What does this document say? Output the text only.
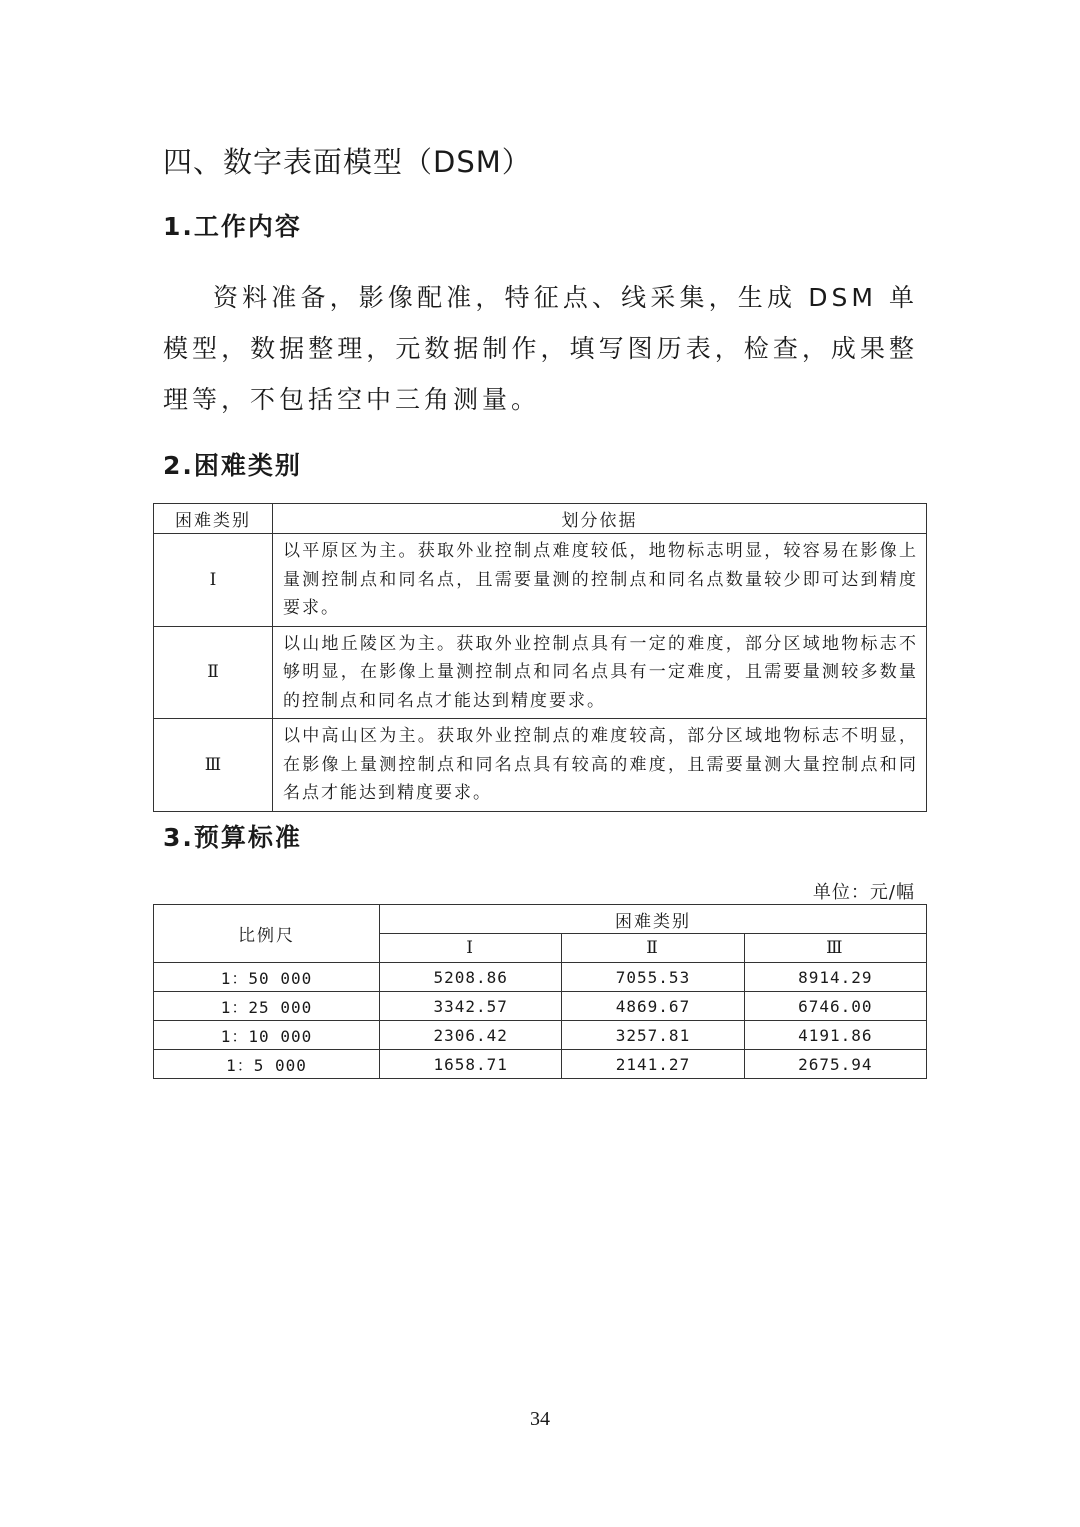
四、数字表面模型（DSM）
1.工作内容

资料准备，影像配准，特征点、线采集，生成 DSM 单模型，数据整理，元数据制作，填写图历表，检查，成果整理等，不包括空中三角测量。

2.困难类别
困难类别	划分依据
Ⅰ	以平原区为主。获取外业控制点难度较低，地物标志明显，较容易在影像上量测控制点和同名点，且需要量测的控制点和同名点数量较少即可达到精度要求。
Ⅱ	以山地丘陵区为主。获取外业控制点具有一定的难度，部分区域地物标志不够明显，在影像上量测控制点和同名点具有一定难度，且需要量测较多数量的控制点和同名点才能达到精度要求。
Ⅲ	以中高山区为主。获取外业控制点的难度较高，部分区域地物标志不明显，在影像上量测控制点和同名点具有较高的难度，且需要量测大量控制点和同名点才能达到精度要求。
3.预算标准

单位：元/幅

比例尺	困难类别		
	Ⅰ	Ⅱ	Ⅲ
1：50 000	5208.86	7055.53	8914.29
1：25 000	3342.57	4869.67	6746.00
1：10 000	2306.42	3257.81	4191.86
1：5 000	1658.71	2141.27	2675.94

34
